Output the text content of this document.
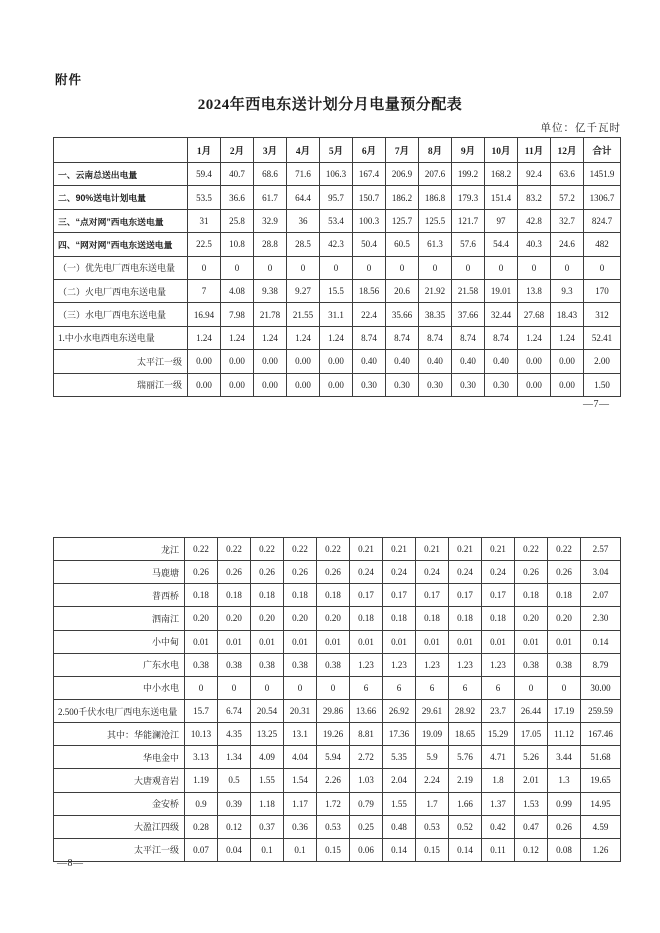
附件
2024年西电东送计划分月电量预分配表
单位：亿千瓦时
	1月	2月	3月	4月	5月	6月	7月	8月	9月	10月	11月	12月	合计
一、云南总送出电量	59.4	40.7	68.6	71.6	106.3	167.4	206.9	207.6	199.2	168.2	92.4	63.6	1451.9
二、90%送电计划电量	53.5	36.6	61.7	64.4	95.7	150.7	186.2	186.8	179.3	151.4	83.2	57.2	1306.7
三、“点对网”西电东送电量	31	25.8	32.9	36	53.4	100.3	125.7	125.5	121.7	97	42.8	32.7	824.7
四、“网对网”西电东送送电量	22.5	10.8	28.8	28.5	42.3	50.4	60.5	61.3	57.6	54.4	40.3	24.6	482
（一）优先电厂西电东送电量	0	0	0	0	0	0	0	0	0	0	0	0	0
（二）火电厂西电东送电量	7	4.08	9.38	9.27	15.5	18.56	20.6	21.92	21.58	19.01	13.8	9.3	170
（三）水电厂西电东送电量	16.94	7.98	21.78	21.55	31.1	22.4	35.66	38.35	37.66	32.44	27.68	18.43	312
1.中小水电西电东送电量	1.24	1.24	1.24	1.24	1.24	8.74	8.74	8.74	8.74	8.74	1.24	1.24	52.41
太平江一级	0.00	0.00	0.00	0.00	0.00	0.40	0.40	0.40	0.40	0.40	0.00	0.00	2.00
瑞丽江一级	0.00	0.00	0.00	0.00	0.00	0.30	0.30	0.30	0.30	0.30	0.00	0.00	1.50
—7—
龙江	0.22	0.22	0.22	0.22	0.22	0.21	0.21	0.21	0.21	0.21	0.22	0.22	2.57
马鹿塘	0.26	0.26	0.26	0.26	0.26	0.24	0.24	0.24	0.24	0.24	0.26	0.26	3.04
普西桥	0.18	0.18	0.18	0.18	0.18	0.17	0.17	0.17	0.17	0.17	0.18	0.18	2.07
泗南江	0.20	0.20	0.20	0.20	0.20	0.18	0.18	0.18	0.18	0.18	0.20	0.20	2.30
小中甸	0.01	0.01	0.01	0.01	0.01	0.01	0.01	0.01	0.01	0.01	0.01	0.01	0.14
广东水电	0.38	0.38	0.38	0.38	0.38	1.23	1.23	1.23	1.23	1.23	0.38	0.38	8.79
中小水电	0	0	0	0	0	6	6	6	6	6	0	0	30.00
2.500千伏水电厂西电东送电量	15.7	6.74	20.54	20.31	29.86	13.66	26.92	29.61	28.92	23.7	26.44	17.19	259.59
其中：华能澜沧江	10.13	4.35	13.25	13.1	19.26	8.81	17.36	19.09	18.65	15.29	17.05	11.12	167.46
华电金中	3.13	1.34	4.09	4.04	5.94	2.72	5.35	5.9	5.76	4.71	5.26	3.44	51.68
大唐观音岩	1.19	0.5	1.55	1.54	2.26	1.03	2.04	2.24	2.19	1.8	2.01	1.3	19.65
金安桥	0.9	0.39	1.18	1.17	1.72	0.79	1.55	1.7	1.66	1.37	1.53	0.99	14.95
大盈江四级	0.28	0.12	0.37	0.36	0.53	0.25	0.48	0.53	0.52	0.42	0.47	0.26	4.59
太平江一级	0.07	0.04	0.1	0.1	0.15	0.06	0.14	0.15	0.14	0.11	0.12	0.08	1.26
—8—
